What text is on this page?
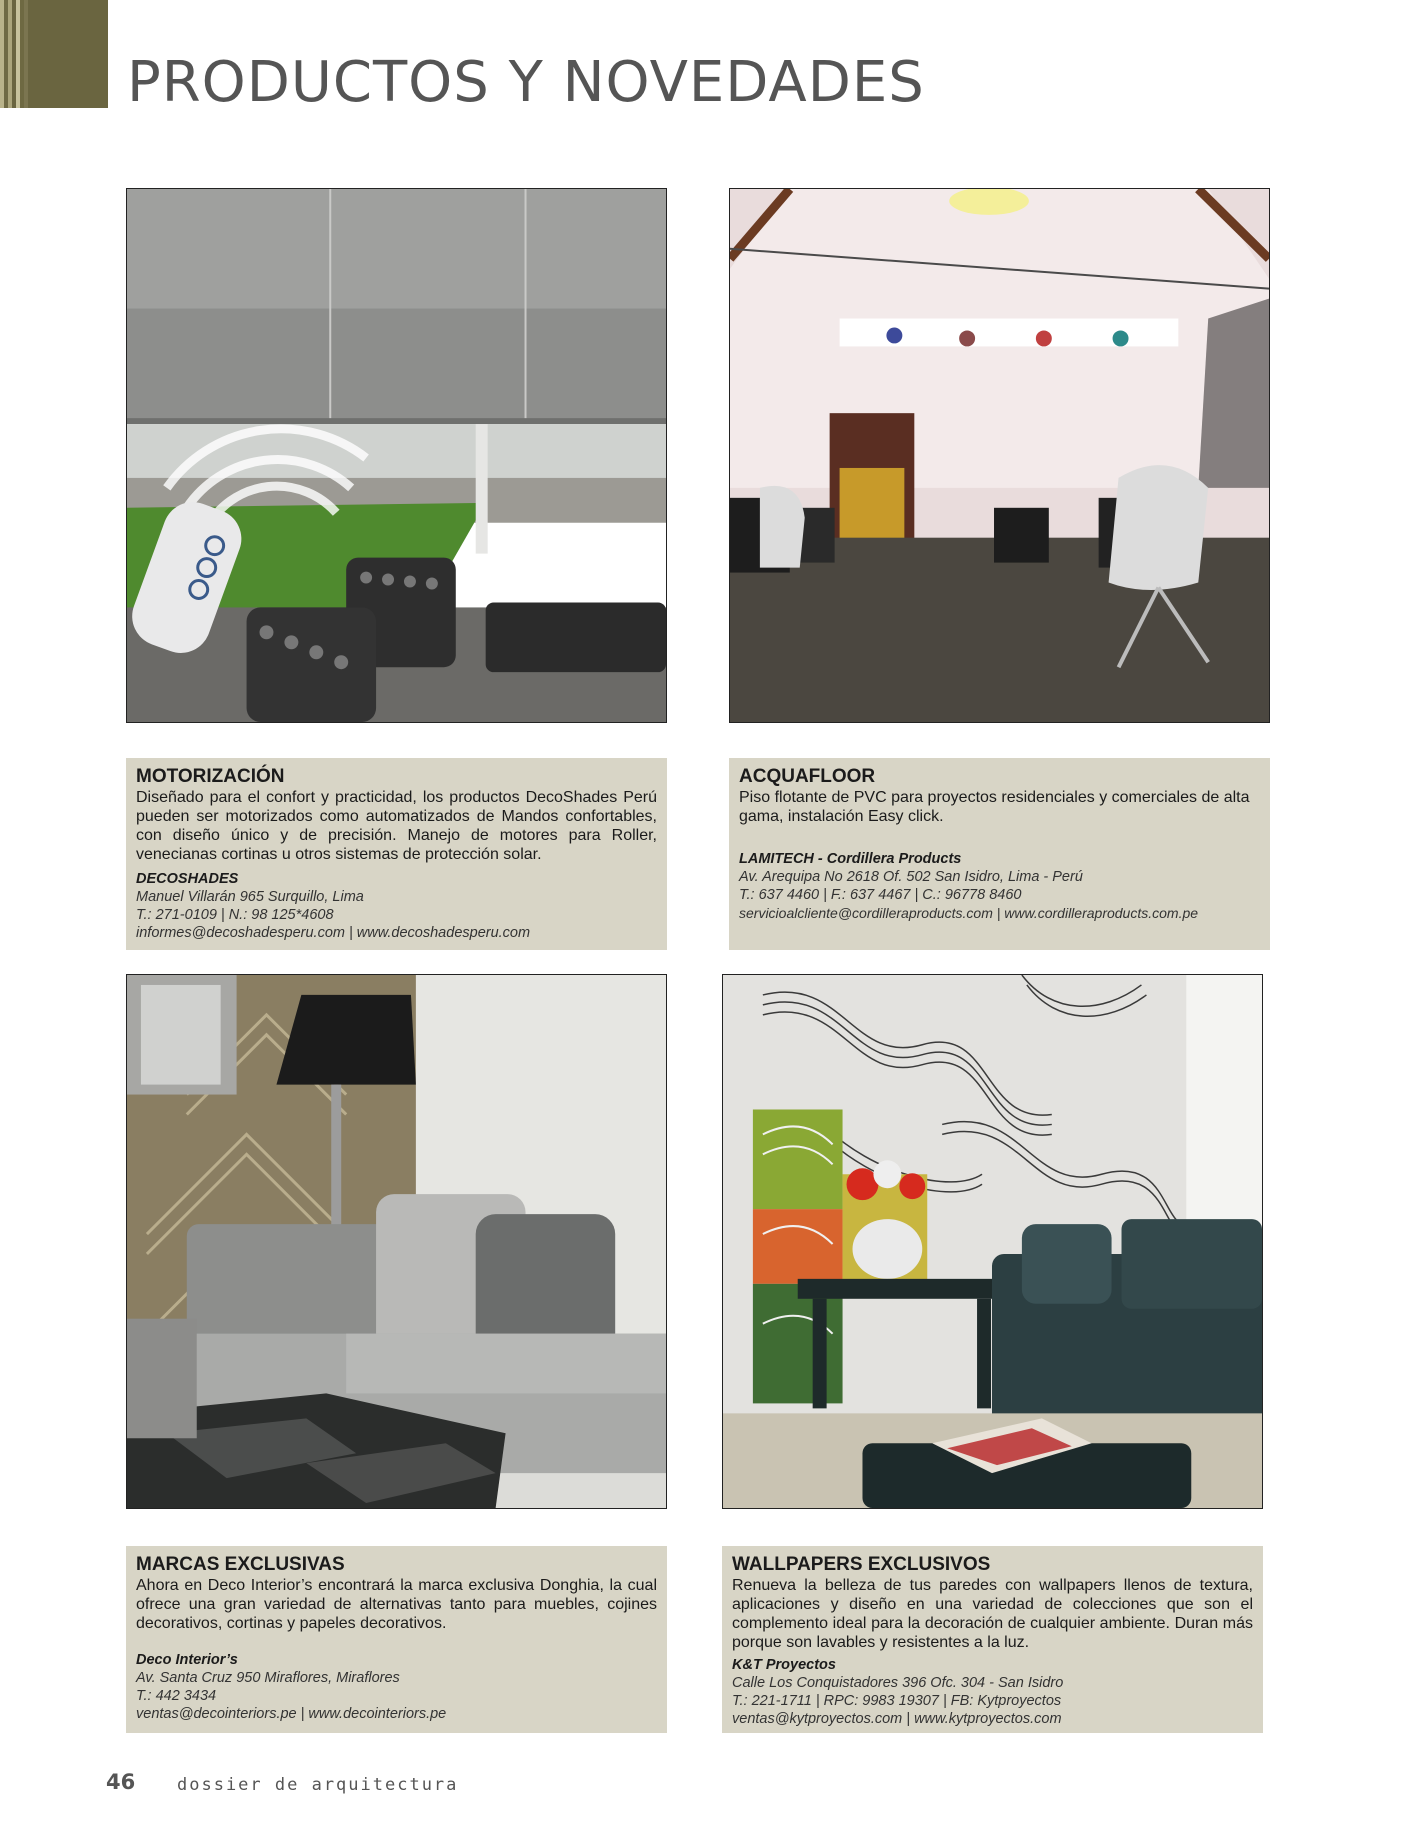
PRODUCTOS Y NOVEDADES
MOTORIZACIÓN

Diseñado para el confort y practicidad, los productos DecoShades Perú pueden ser motorizados como automatizados de Mandos confortables, con diseño único y de precisión. Manejo de motores para Roller, venecianas cortinas u otros sistemas de protección solar.

DECOSHADES

Manuel Villarán 965 Surquillo, Lima

T.: 271-0109 | N.: 98 125*4608

informes@decoshadesperu.com | www.decoshadesperu.com

ACQUAFLOOR

Piso flotante de PVC para proyectos residenciales y comerciales de alta gama, instalación Easy click.

LAMITECH - Cordillera Products

Av. Arequipa No 2618 Of. 502 San Isidro, Lima - Perú

T.: 637 4460 | F.: 637 4467 | C.: 96778 8460

servicioalcliente@cordilleraproducts.com | www.cordilleraproducts.com.pe

MARCAS EXCLUSIVAS

Ahora en Deco Interior’s encontrará la marca exclusiva Donghia, la cual ofrece una gran variedad de alternativas tanto para muebles, cojines decorativos, cortinas y papeles decorativos.

Deco Interior’s

Av. Santa Cruz 950 Miraflores, Miraflores

T.: 442 3434

ventas@decointeriors.pe | www.decointeriors.pe

WALLPAPERS EXCLUSIVOS

Renueva la belleza de tus paredes con wallpapers llenos de textura, aplicaciones y diseño en una variedad de colecciones que son el complemento ideal para la decoración de cualquier ambiente. Duran más porque son lavables y resistentes a la luz.

K&T Proyectos

Calle Los Conquistadores 396 Ofc. 304 - San Isidro

T.: 221-1711 | RPC: 9983 19307 | FB: Kytproyectos

ventas@kytproyectos.com | www.kytproyectos.com

46 dossier de arquitectura
